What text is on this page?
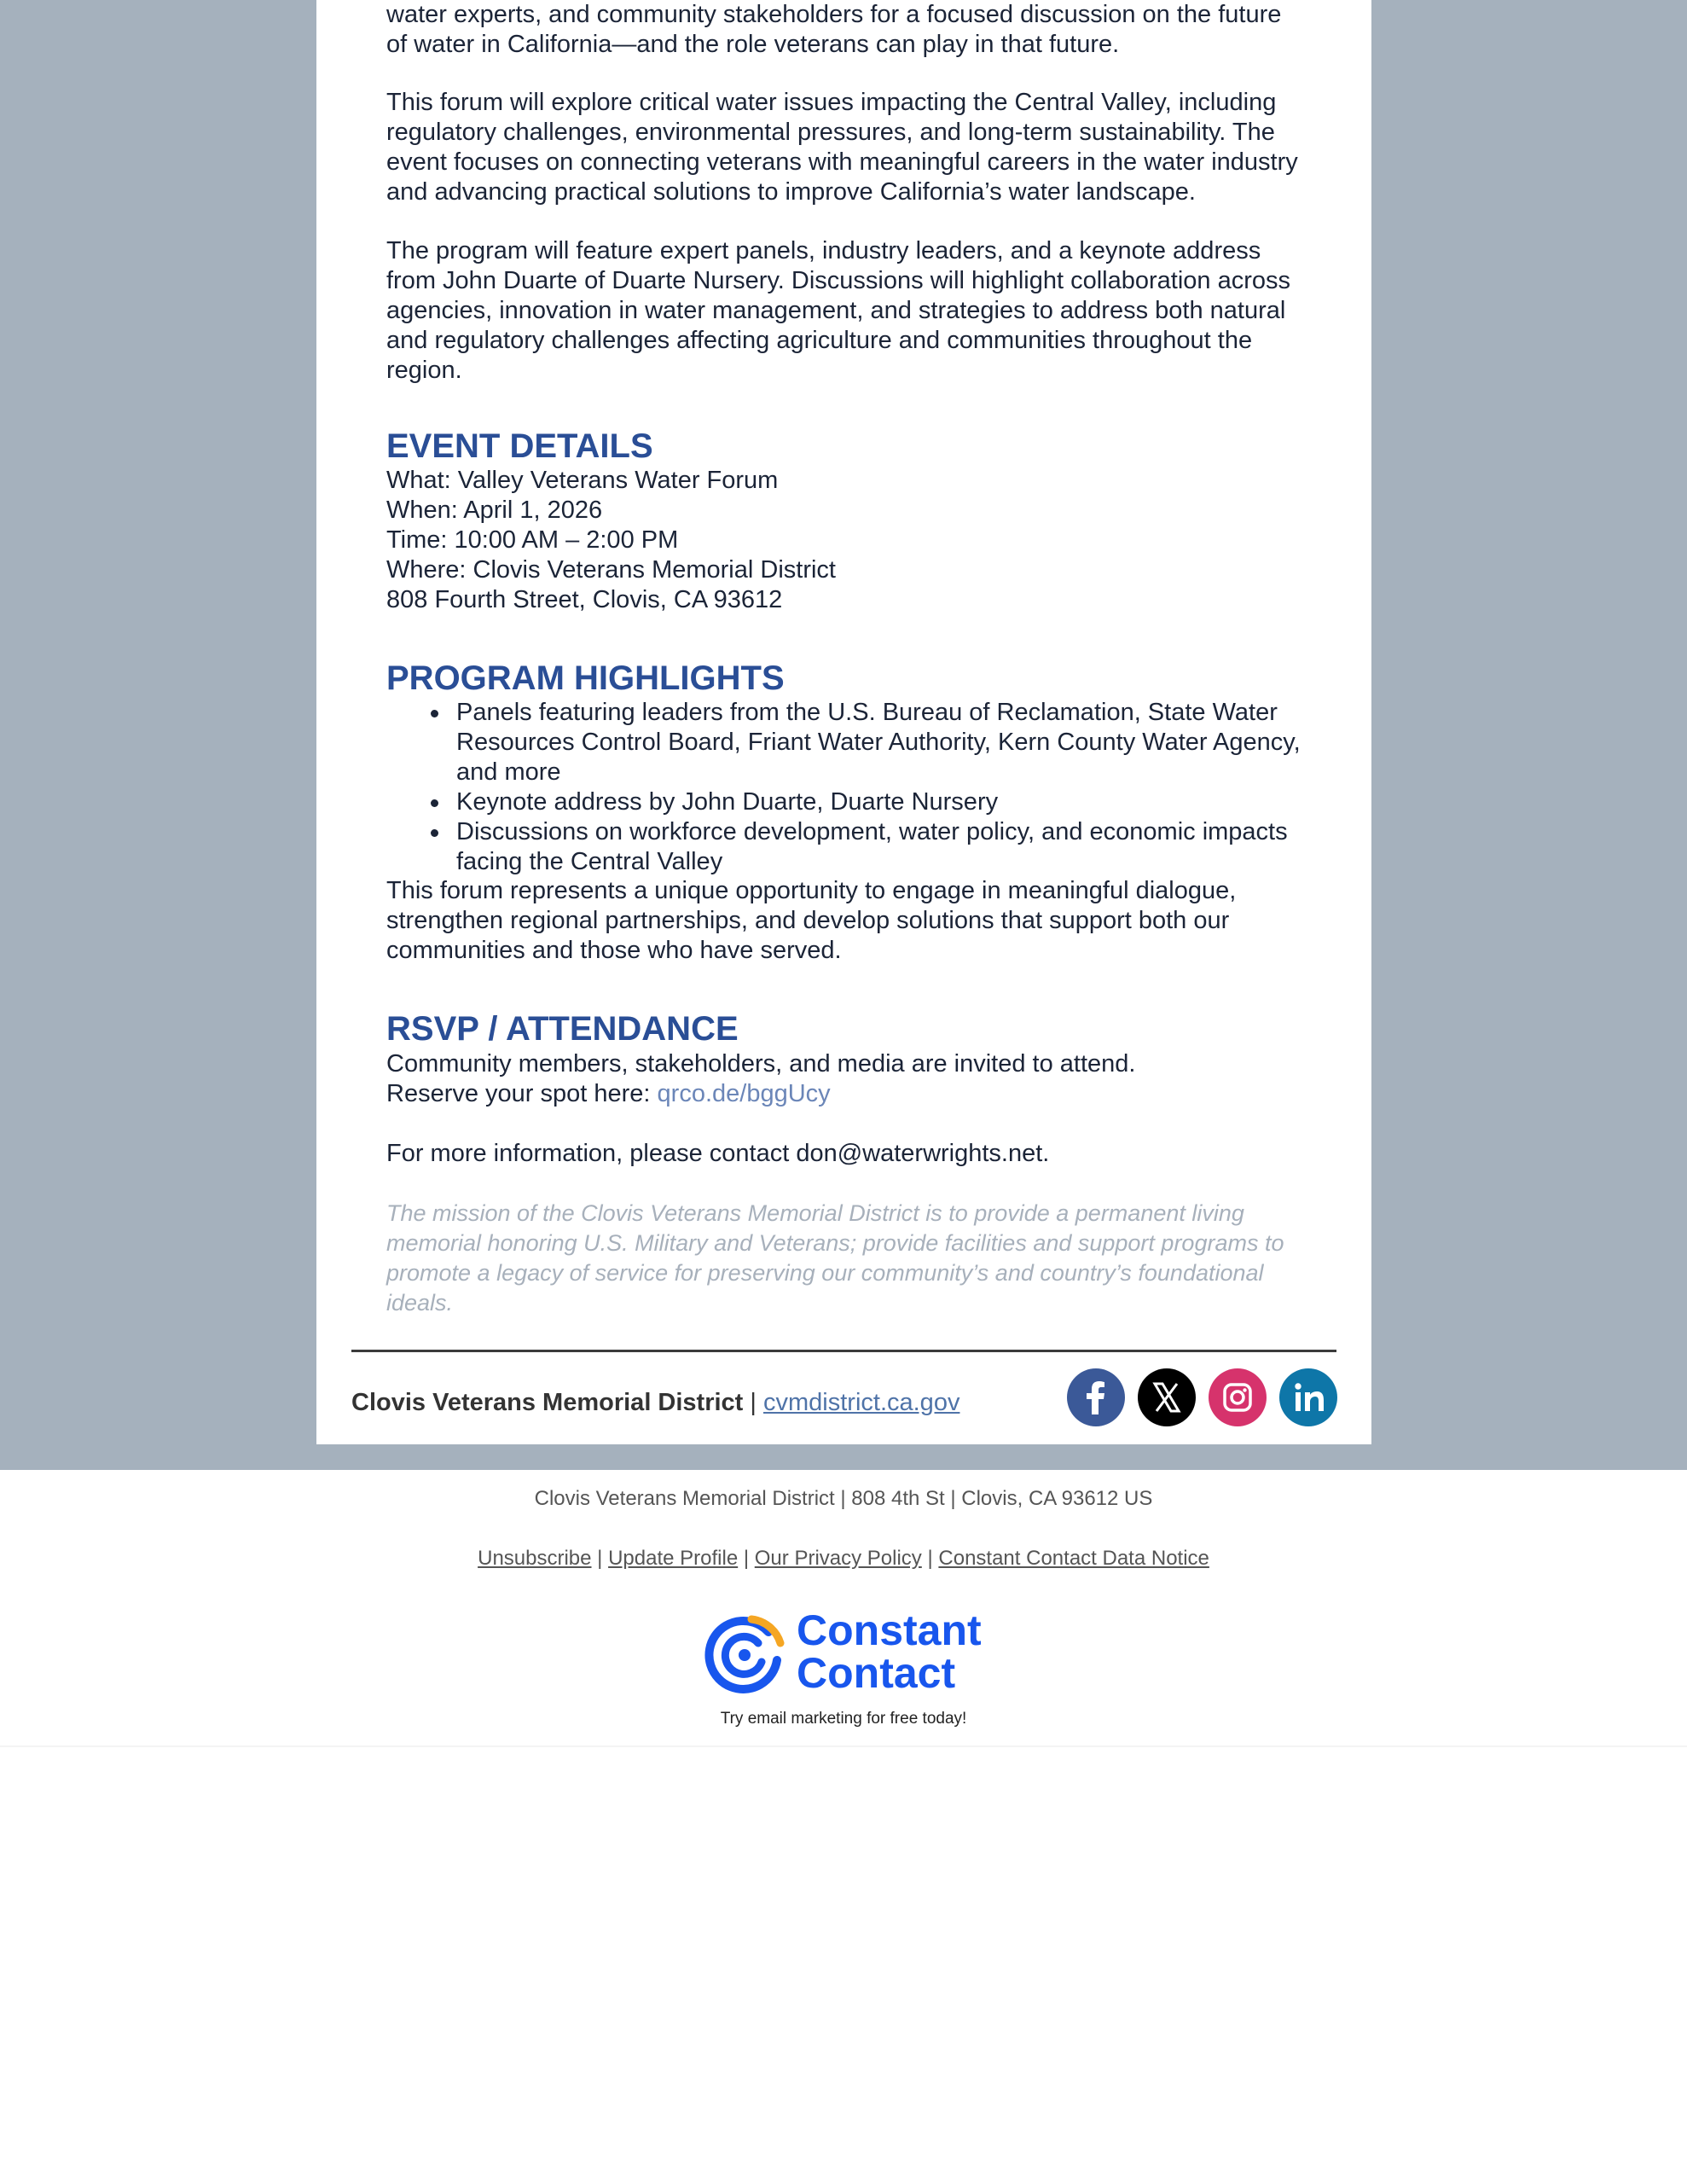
water experts, and community stakeholders for a focused discussion on the future
of water in California—and the role veterans can play in that future.

This forum will explore critical water issues impacting the Central Valley, including regulatory challenges, environmental pressures, and long-term sustainability. The event focuses on connecting veterans with meaningful careers in the water industry and advancing practical solutions to improve California’s water landscape.

The program will feature expert panels, industry leaders, and a keynote address from John Duarte of Duarte Nursery. Discussions will highlight collaboration across agencies, innovation in water management, and strategies to address both natural and regulatory challenges affecting agriculture and communities throughout the region.

EVENT DETAILS

What: Valley Veterans Water Forum
When: April 1, 2026
Time: 10:00 AM – 2:00 PM
Where: Clovis Veterans Memorial District
808 Fourth Street, Clovis, CA 93612

PROGRAM HIGHLIGHTS
Panels featuring leaders from the U.S. Bureau of Reclamation, State Water Resources Control Board, Friant Water Authority, Kern County Water Agency, and more
Keynote address by John Duarte, Duarte Nursery
Discussions on workforce development, water policy, and economic impacts facing the Central Valley

This forum represents a unique opportunity to engage in meaningful dialogue, strengthen regional partnerships, and develop solutions that support both our communities and those who have served.

RSVP / ATTENDANCE

Community members, stakeholders, and media are invited to attend.
Reserve your spot here: qrco.de/bggUcy

For more information, please contact don@waterwrights.net.

The mission of the Clovis Veterans Memorial District is to provide a permanent living memorial honoring U.S. Military and Veterans; provide facilities and support programs to promote a legacy of service for preserving our community’s and country’s foundational ideals.

Clovis Veterans Memorial District | cvmdistrict.ca.gov
Clovis Veterans Memorial District | 808 4th St | Clovis, CA 93612 US
Unsubscribe | Update Profile | Our Privacy Policy | Constant Contact Data Notice
Constant
Contact
Try email marketing for free today!
